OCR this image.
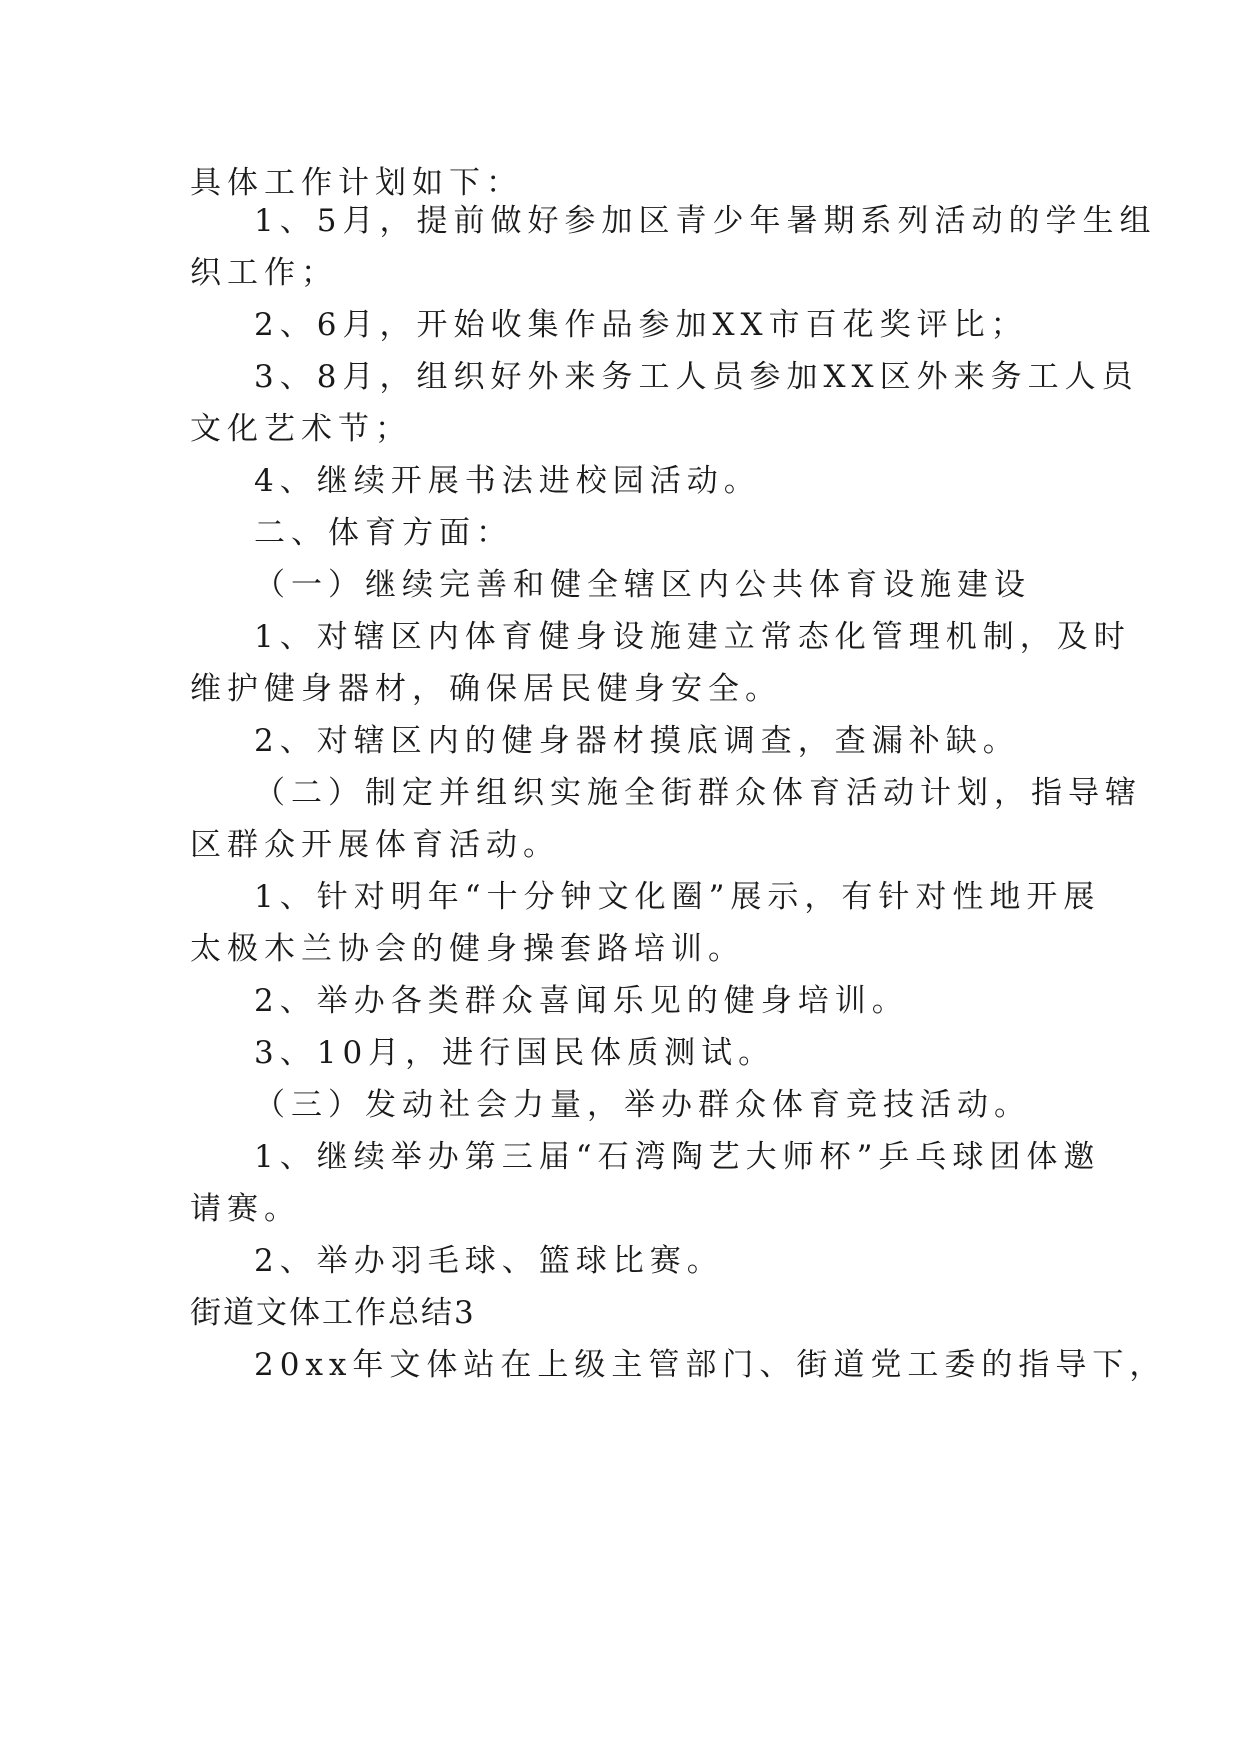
具体工作计划如下：
1、5月，提前做好参加区青少年暑期系列活动的学生组
织工作；
2、6月，开始收集作品参加XX市百花奖评比；
3、8月，组织好外来务工人员参加XX区外来务工人员
文化艺术节；
4、继续开展书法进校园活动。
二、体育方面：
（一）继续完善和健全辖区内公共体育设施建设
1、对辖区内体育健身设施建立常态化管理机制，及时
维护健身器材，确保居民健身安全。
2、对辖区内的健身器材摸底调查，查漏补缺。
（二）制定并组织实施全街群众体育活动计划，指导辖
区群众开展体育活动。
1、针对明年“十分钟文化圈”展示，有针对性地开展
太极木兰协会的健身操套路培训。
2、举办各类群众喜闻乐见的健身培训。
3、10月，进行国民体质测试。
（三）发动社会力量，举办群众体育竞技活动。
1、继续举办第三届“石湾陶艺大师杯”乒乓球团体邀
请赛。
2、举办羽毛球、篮球比赛。
街道文体工作总结3
20xx年文体站在上级主管部门、街道党工委的指导下，
